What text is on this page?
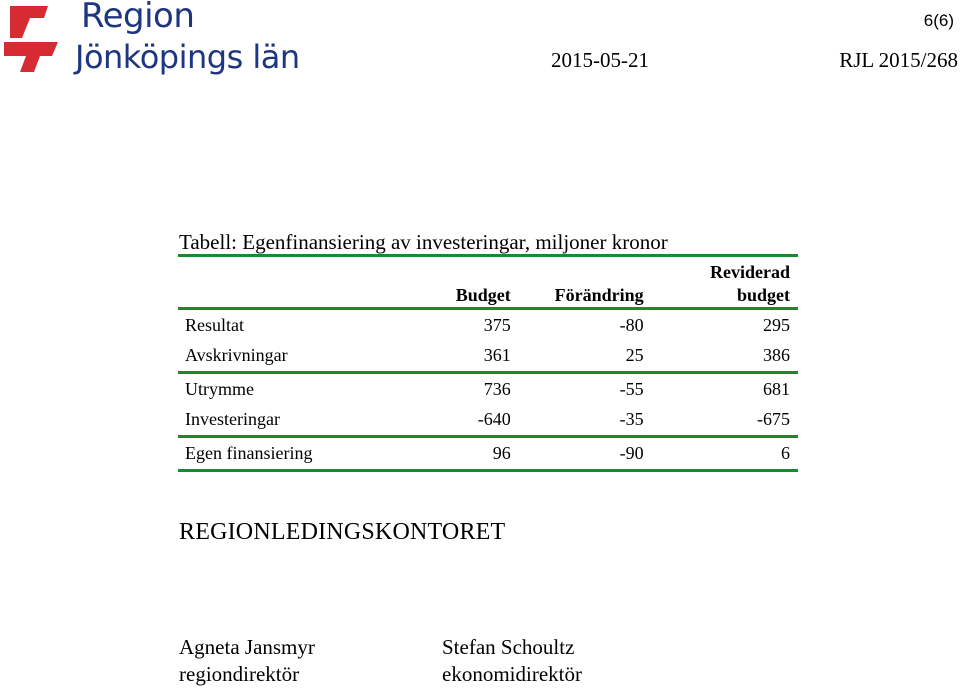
Region
Jönköpings län
6(6)
2015-05-21	RJL 2015/268
Tabell: Egenfinansiering av investeringar, miljoner kronor
	Budget	Förändring	Reviderad
budget
Resultat	375	-80	295
Avskrivningar	361	25	386
Utrymme	736	-55	681
Investeringar	-640	-35	-675
Egen finansiering	96	-90	6
REGIONLEDINGSKONTORET
Agneta Jansmyr
regiondirektör
Stefan Schoultz
ekonomidirektör
